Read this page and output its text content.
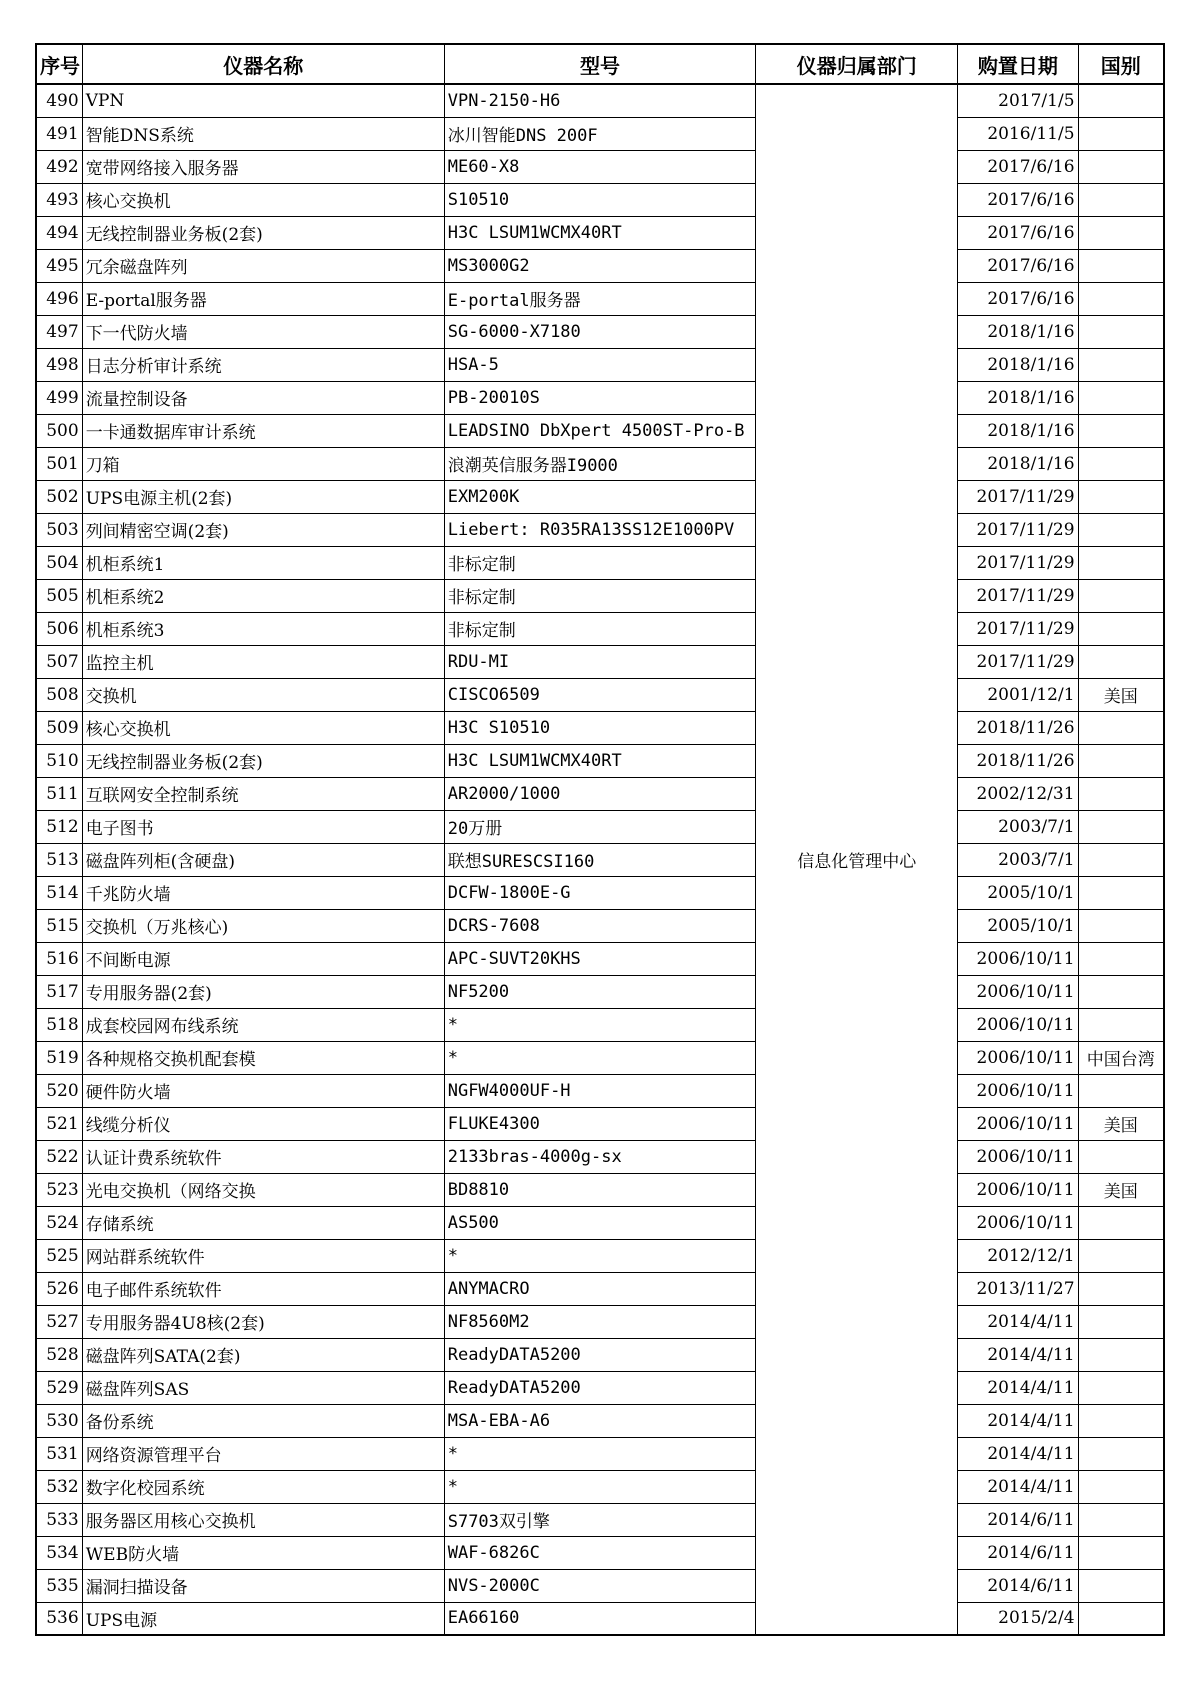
序号	仪器名称	型号	仪器归属部门	购置日期	国别
490	VPN	VPN-2150-H6	信息化管理中心	2017/1/5	
491	智能DNS系统	冰川智能DNS 200F		2016/11/5	
492	宽带网络接入服务器	ME60-X8		2017/6/16	
493	核心交换机	S10510		2017/6/16	
494	无线控制器业务板(2套)	H3C LSUM1WCMX40RT		2017/6/16	
495	冗余磁盘阵列	MS3000G2		2017/6/16	
496	E-portal服务器	E-portal服务器		2017/6/16	
497	下一代防火墙	SG-6000-X7180		2018/1/16	
498	日志分析审计系统	HSA-5		2018/1/16	
499	流量控制设备	PB-20010S		2018/1/16	
500	一卡通数据库审计系统	LEADSINO DbXpert 4500ST-Pro-B		2018/1/16	
501	刀箱	浪潮英信服务器I9000		2018/1/16	
502	UPS电源主机(2套)	EXM200K		2017/11/29	
503	列间精密空调(2套)	Liebert: R035RA13SS12E1000PV		2017/11/29	
504	机柜系统1	非标定制		2017/11/29	
505	机柜系统2	非标定制		2017/11/29	
506	机柜系统3	非标定制		2017/11/29	
507	监控主机	RDU-MI		2017/11/29	
508	交换机	CISCO6509		2001/12/1	美国
509	核心交换机	H3C S10510		2018/11/26	
510	无线控制器业务板(2套)	H3C LSUM1WCMX40RT		2018/11/26	
511	互联网安全控制系统	AR2000/1000		2002/12/31	
512	电子图书	20万册		2003/7/1	
513	磁盘阵列柜(含硬盘)	联想SURESCSI160		2003/7/1	
514	千兆防火墙	DCFW-1800E-G		2005/10/1	
515	交换机（万兆核心)	DCRS-7608		2005/10/1	
516	不间断电源	APC-SUVT20KHS		2006/10/11	
517	专用服务器(2套)	NF5200		2006/10/11	
518	成套校园网布线系统	*		2006/10/11	
519	各种规格交换机配套模	*		2006/10/11	中国台湾
520	硬件防火墙	NGFW4000UF-H		2006/10/11	
521	线缆分析仪	FLUKE4300		2006/10/11	美国
522	认证计费系统软件	2133bras-4000g-sx		2006/10/11	
523	光电交换机（网络交换	BD8810		2006/10/11	美国
524	存储系统	AS500		2006/10/11	
525	网站群系统软件	*		2012/12/1	
526	电子邮件系统软件	ANYMACRO		2013/11/27	
527	专用服务器4U8核(2套)	NF8560M2		2014/4/11	
528	磁盘阵列SATA(2套)	ReadyDATA5200		2014/4/11	
529	磁盘阵列SAS	ReadyDATA5200		2014/4/11	
530	备份系统	MSA-EBA-A6		2014/4/11	
531	网络资源管理平台	*		2014/4/11	
532	数字化校园系统	*		2014/4/11	
533	服务器区用核心交换机	S7703双引擎		2014/6/11	
534	WEB防火墙	WAF-6826C		2014/6/11	
535	漏洞扫描设备	NVS-2000C		2014/6/11	
536	UPS电源	EA66160		2015/2/4	
